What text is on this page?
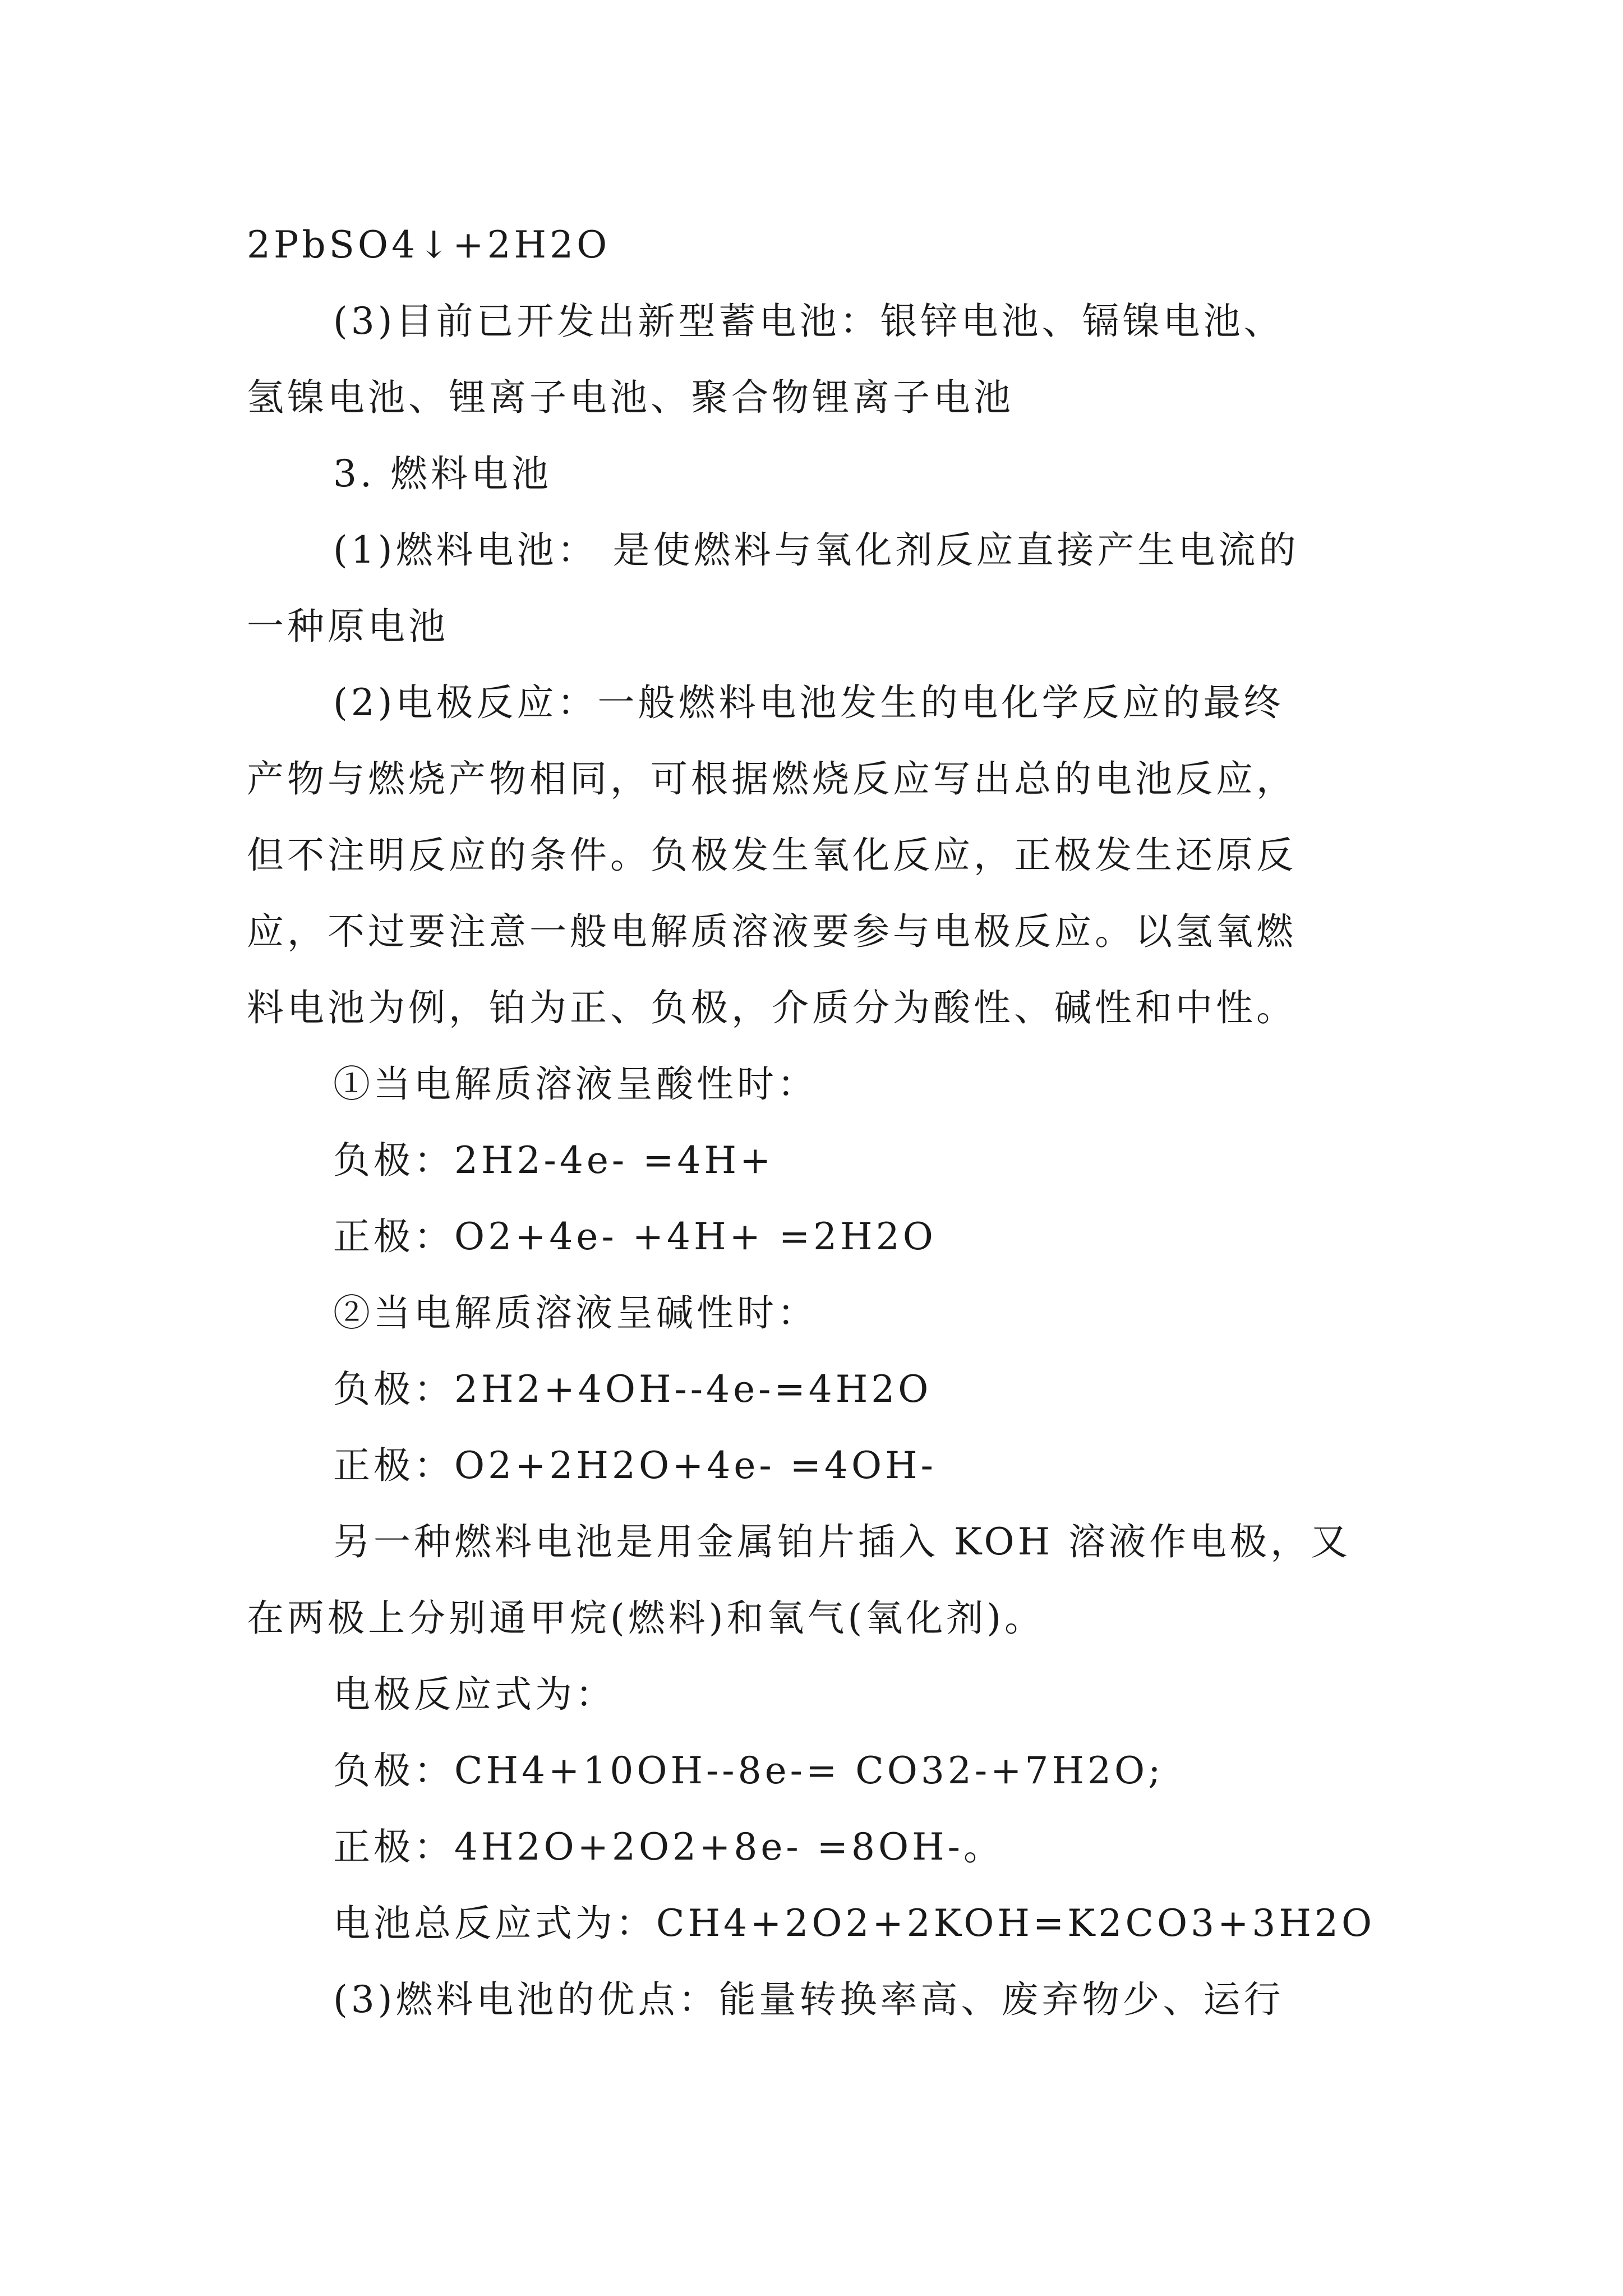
2PbSO4↓+2H2O
(3)目前已开发出新型蓄电池：银锌电池、镉镍电池、
氢镍电池、锂离子电池、聚合物锂离子电池
3. 燃料电池
(1)燃料电池： 是使燃料与氧化剂反应直接产生电流的
一种原电池
(2)电极反应：一般燃料电池发生的电化学反应的最终
产物与燃烧产物相同，可根据燃烧反应写出总的电池反应，
但不注明反应的条件。负极发生氧化反应，正极发生还原反
应，不过要注意一般电解质溶液要参与电极反应。以氢氧燃
料电池为例，铂为正、负极，介质分为酸性、碱性和中性。
①当电解质溶液呈酸性时：
负极：2H2-4e- =4H+
正极：O2+4e- +4H+ =2H2O
②当电解质溶液呈碱性时：
负极：2H2+4OH--4e-=4H2O
正极：O2+2H2O+4e- =4OH-
另一种燃料电池是用金属铂片插入 KOH 溶液作电极，又
在两极上分别通甲烷(燃料)和氧气(氧化剂)。
电极反应式为：
负极：CH4+10OH--8e-= CO32-+7H2O;
正极：4H2O+2O2+8e- =8OH-。
电池总反应式为：CH4+2O2+2KOH=K2CO3+3H2O
(3)燃料电池的优点：能量转换率高、废弃物少、运行
